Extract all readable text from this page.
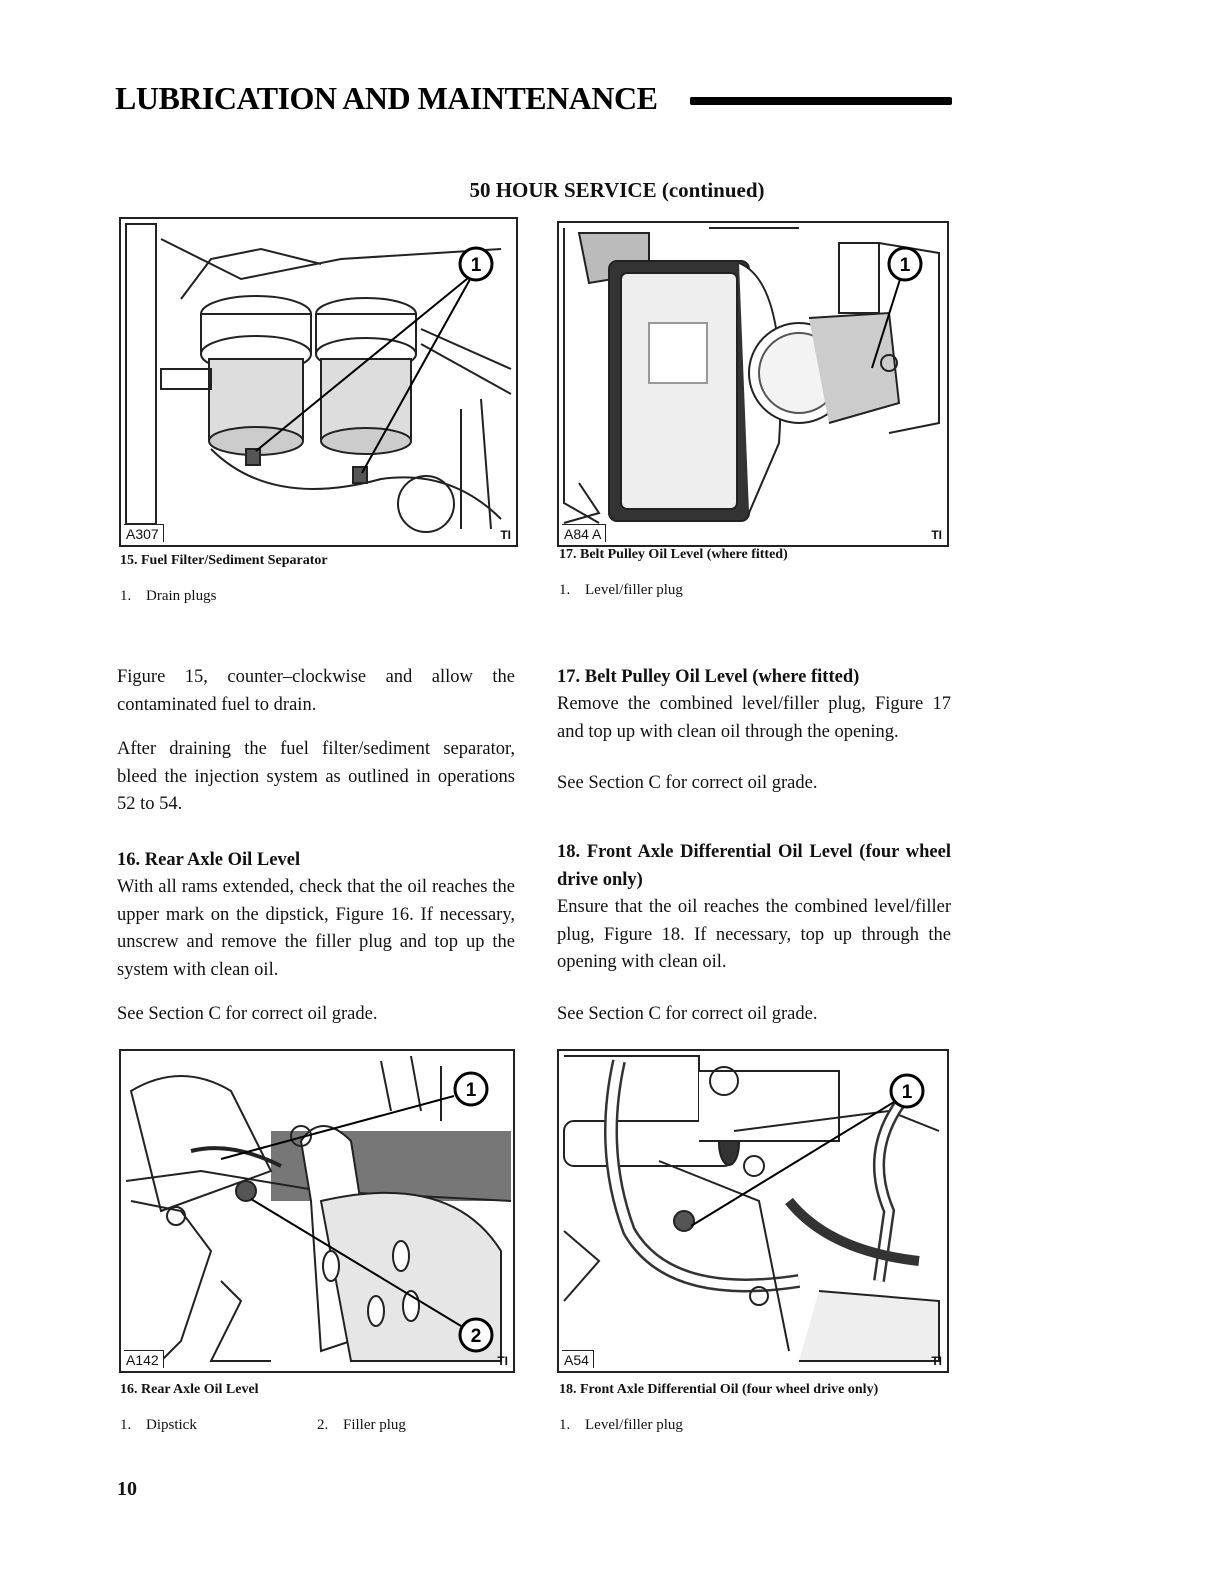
LUBRICATION AND MAINTENANCE
50 HOUR SERVICE (continued)
1
A307	TI
15. Fuel Filter/Sediment Separator
1. Drain plugs
1
A84 A	TI
17. Belt Pulley Oil Level (where fitted)
1. Level/filler plug

Figure 15, counter–clockwise and allow the contaminated fuel to drain.

After draining the fuel filter/sediment separator, bleed the injection system as outlined in operations 52 to 54.

16. Rear Axle Oil Level

With all rams extended, check that the oil reaches the upper mark on the dipstick, Figure 16. If necessary, unscrew and remove the filler plug and top up the system with clean oil.

See Section C for correct oil grade.

17. Belt Pulley Oil Level (where fitted)

Remove the combined level/filler plug, Figure 17 and top up with clean oil through the opening.

See Section C for correct oil grade.

18. Front Axle Differential Oil Level (four wheel drive only)

Ensure that the oil reaches the combined level/filler plug, Figure 18. If necessary, top up through the opening with clean oil.

See Section C for correct oil grade.

1
2
A142	TI
16. Rear Axle Oil Level
1. Dipstick	2. Filler plug
1
A54	TI
18. Front Axle Differential Oil (four wheel drive only)
1. Level/filler plug
10
